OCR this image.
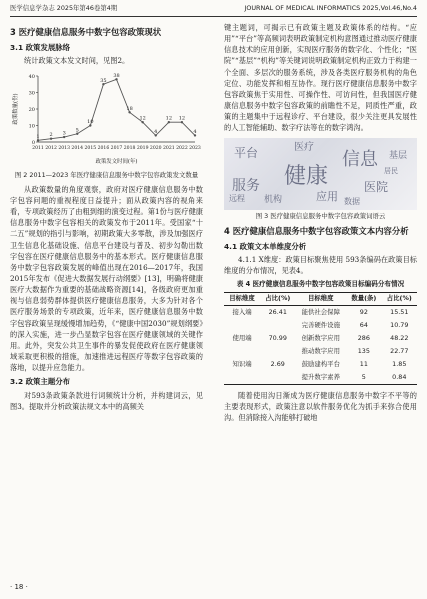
医学信息学杂志 2025年第46卷第4期	JOURNAL OF MEDICAL INFORMATICS 2025,Vol.46,No.4
3 医疗健康信息服务中数字包容政策现状
3.1 政策发展脉络

统计政策文本发文时间，见图2。

0
10
20
30
40
2011 2012 2013 2014 2015 2016 2017 2018 2019 2020 2021 2022 2023
1 2 3
5
10
35
38
18
12
4
12 12
4
政策发文时间(年)
政策数量(份)
图 2 2011—2023 年医疗健康信息服务中数字包容政策发文数量

从政策数量的角度观察，政府对医疗健康信息服务中数字包容问题的重视程度日益提升；面从政策内容的视角来看，专项政策经历了由粗到细的演变过程。第1份与医疗健康信息服务中数字包容相关的政策发布于2011年。受国家“十二五”规划的指引与影响，初期政策大多零散，涉及加强医疗卫生信息化基础设施、信息平台建设与普及、初步勾勒出数字包容在医疗健康信息服务中的基本形式。医疗健康信息服务中数字包容政策发展的峰值出现在2016—2017年，我国2015年发布《促进大数据发展行动纲要》[13]，明确将健康医疗大数据作为重要的基础战略资源[14]，各级政府更加重视与信息弱势群体提供医疗健康信息服务，大多为针对各个医疗服务场景的专项政策，近年来，医疗健康信息服务中数字包容政策呈现缓慢增加趋势，《“健康中国2030”规划纲要》的深入实施，进一步凸显数字包容在医疗健康领域的关键作用。此外，突发公共卫生事件的暴发促使政府在医疗健康领域采取更积极的措施，加速推进远程医疗等数字包容政策的落地，以提升应急能力。

3.2 政策主题分布

对593条政策条款进行词频统计分析，并构建词云，见图3。提取并分析政策法规文本中的高频关

键主题词，可揭示已有政策主题及政策体系的结构。“应用”“平台”等高频词表明政策制定机构意图通过推动医疗健康信息技术的应用创新，实现医疗服务的数字化、个性化；“医院”“基层”“机构”等关键词说明政策制定机构正致力于构建一个全面、多层次的服务系统，涉及各类医疗服务机构的角色定位、功能发挥和相互协作。现行医疗健康信息服务中数字包容政策焦于实用性、可操作性、可访问性，但我国医疗健康信息服务中数字包容政策的前瞻性不足，同质性严重，政策的主题集中于远程诊疗、平台建设，很少关注更具发展性的人工智能辅助、数字疗法等在的数字鸿沟。

健康
信息
服务	医院
平台
应用
基层
机构	数据
医疗
远程
居民
图 3 医疗健康信息服务中数字包容政策词语云
4 医疗健康信息服务中数字包容政策文本内容分析
4.1 政策文本单维度分析

4.1.1 X维度：政策目标聚焦使用 593条编码在政策目标维度的分布情况，见表4。

表 4 医疗健康信息服务中数字包容政策目标编码分布情况
目标维度	占比(%)	目标维度	数量(条)	占比(%)
接入端	26.41	能供社会保障	92	15.51
		完善硬件设施	64	10.79
使用端	70.99	创新数字应用	286	48.22
		推动数字应用	135	22.77
知识端	2.69	鼓励建构平台	11	1.85
		提升数字素养	5	0.84

随着使用沟日渐成为医疗健康信息服务中数字不平等的主要表现形式，政策注意以软件服务优化为抓手来弥合使用沟。但消除接入沟能够打破地

· 18 ·
